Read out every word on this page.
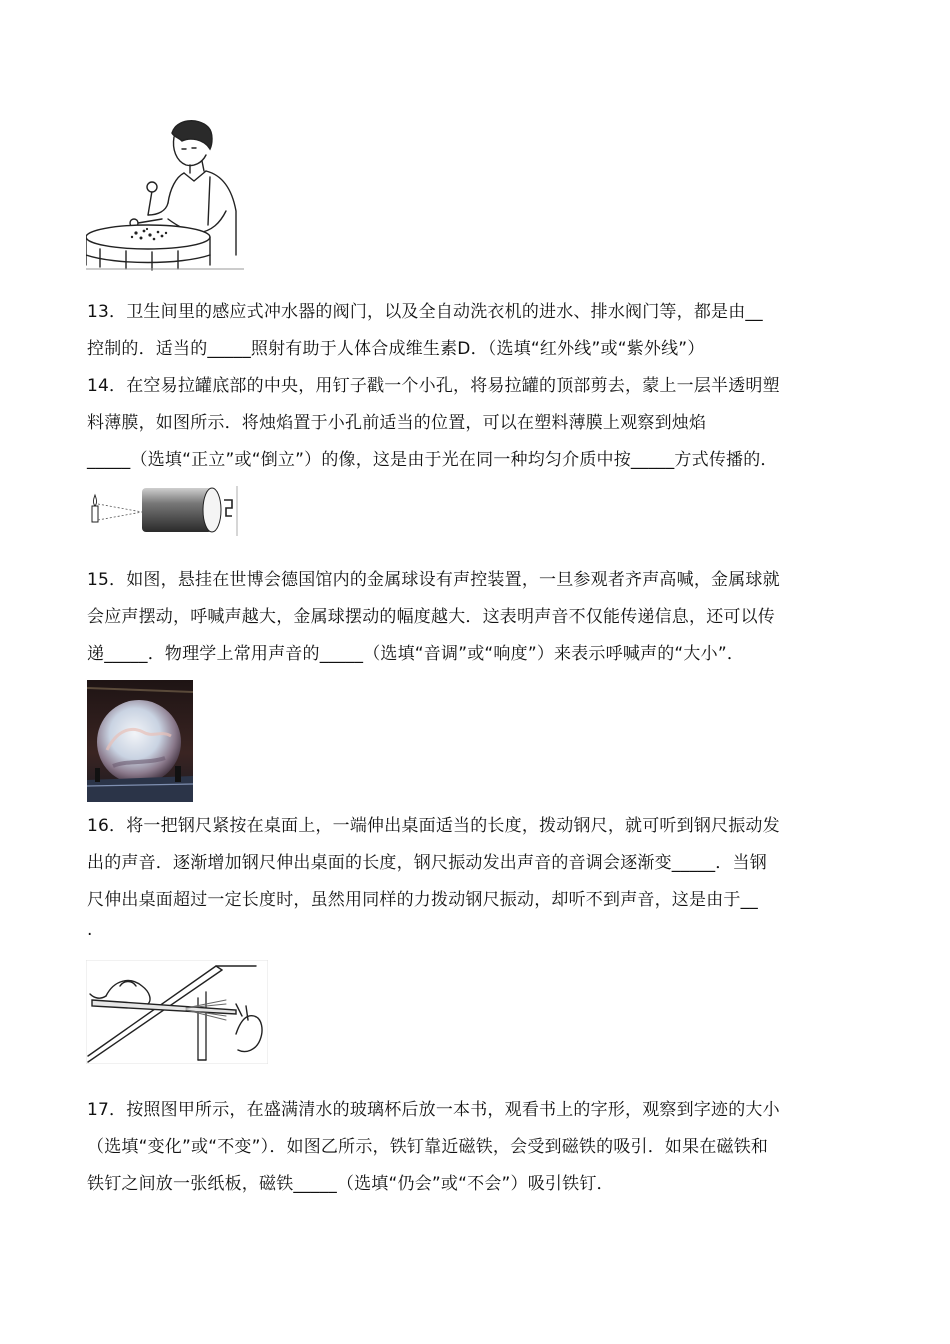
13．卫生间里的感应式冲水器的阀门，以及全自动洗衣机的进水、排水阀门等，都是由__
控制的．适当的_____照射有助于人体合成维生素D．（选填“红外线”或“紫外线”）
14．在空易拉罐底部的中央，用钉子戳一个小孔，将易拉罐的顶部剪去，蒙上一层半透明塑
料薄膜，如图所示．将烛焰置于小孔前适当的位置，可以在塑料薄膜上观察到烛焰
_____（选填“正立”或“倒立”）的像，这是由于光在同一种均匀介质中按_____方式传播的．
15．如图，悬挂在世博会德国馆内的金属球设有声控装置，一旦参观者齐声高喊，金属球就
会应声摆动，呼喊声越大，金属球摆动的幅度越大．这表明声音不仅能传递信息，还可以传
递_____．物理学上常用声音的_____（选填“音调”或“响度”）来表示呼喊声的“大小”．
16．将一把钢尺紧按在桌面上，一端伸出桌面适当的长度，拨动钢尺，就可听到钢尺振动发
出的声音．逐渐增加钢尺伸出桌面的长度，钢尺振动发出声音的音调会逐渐变_____．当钢
尺伸出桌面超过一定长度时，虽然用同样的力拨动钢尺振动，却听不到声音，这是由于__
.
17．按照图甲所示，在盛满清水的玻璃杯后放一本书，观看书上的字形，观察到字迹的大小
（选填“变化”或“不变”）．如图乙所示，铁钉靠近磁铁，会受到磁铁的吸引．如果在磁铁和
铁钉之间放一张纸板，磁铁_____（选填“仍会”或“不会”）吸引铁钉．
